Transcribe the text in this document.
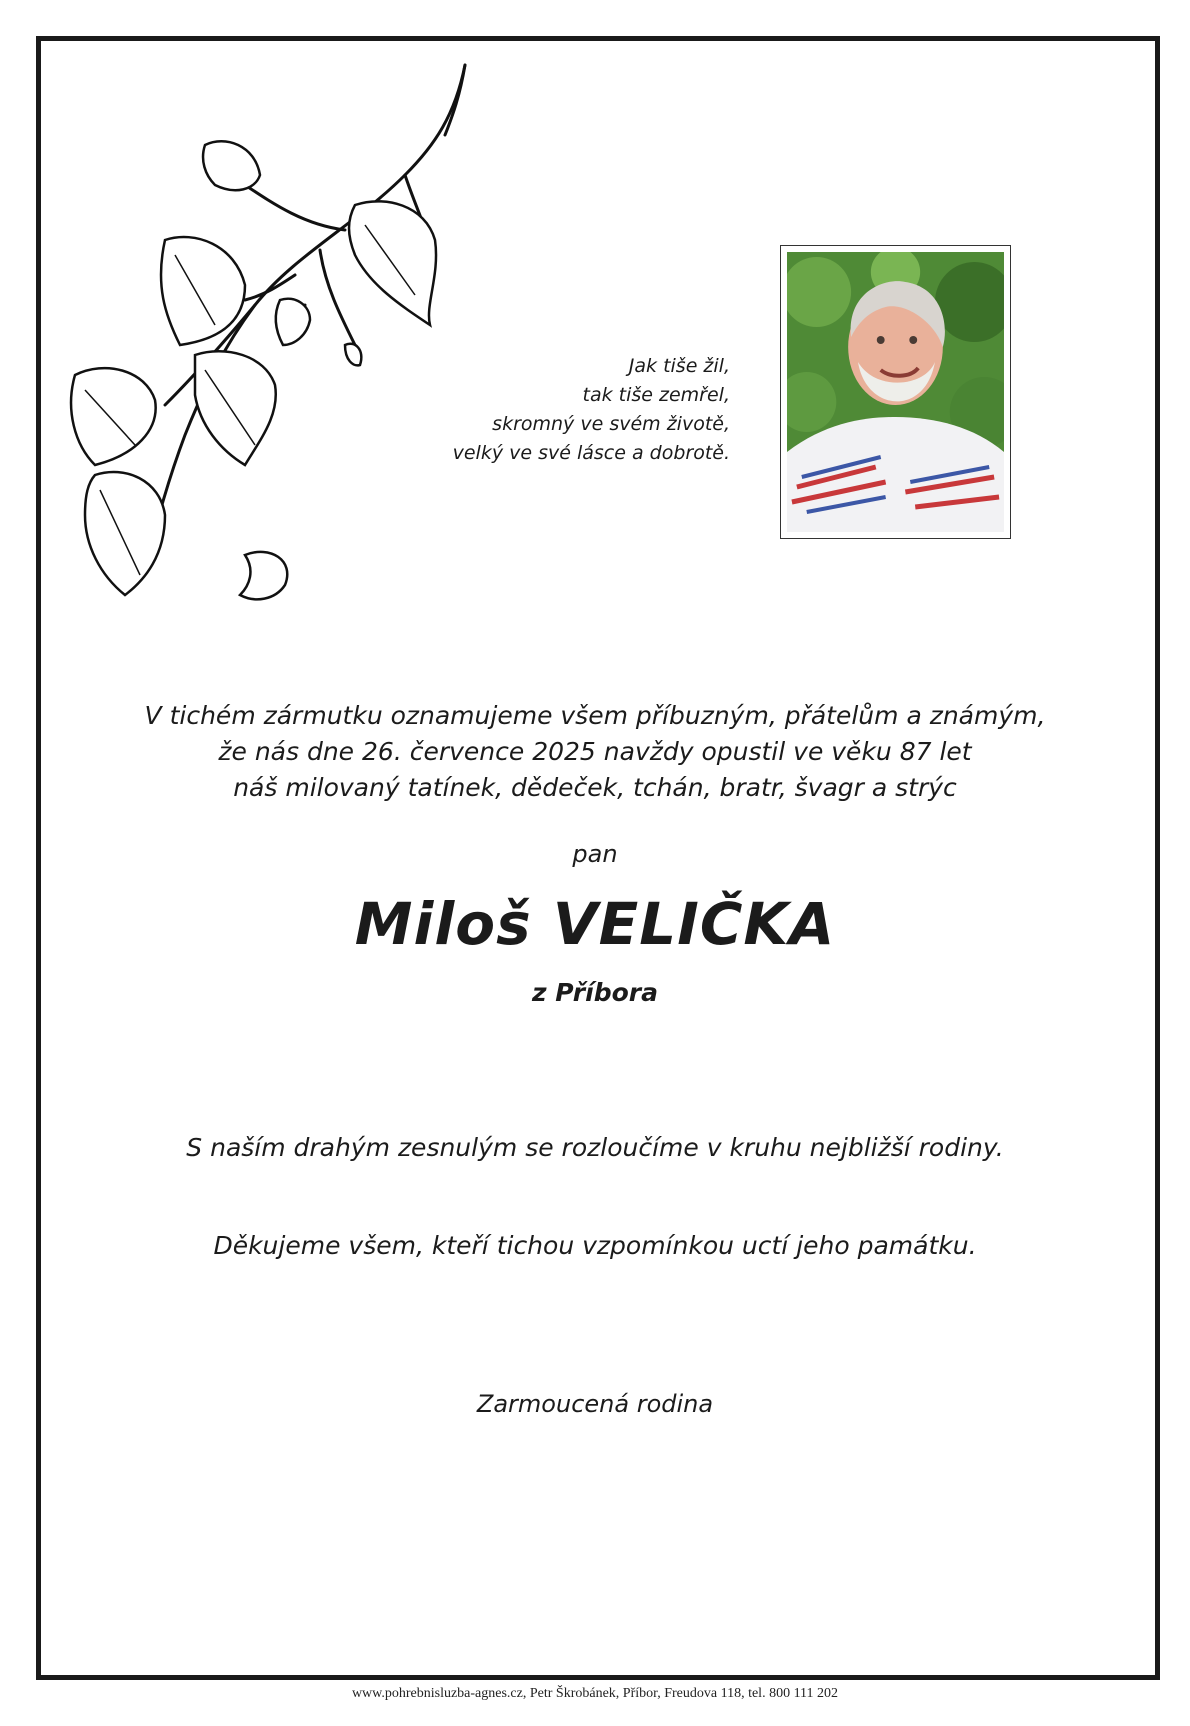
Jak tiše žil,
tak tiše zemřel,
skromný ve svém životě,
velký ve své lásce a dobrotě.
V tichém zármutku oznamujeme všem příbuzným, přátelům a známým,
že nás dne 26. července 2025 navždy opustil ve věku 87 let
náš milovaný tatínek, dědeček, tchán, bratr, švagr a strýc
pan
Miloš VELIČKA
z Příbora
S naším drahým zesnulým se rozloučíme v kruhu nejbližší rodiny.
Děkujeme všem, kteří tichou vzpomínkou uctí jeho památku.
Zarmoucená rodina
www.pohrebnisluzba-agnes.cz, Petr Škrobánek, Příbor, Freudova 118, tel. 800 111 202
